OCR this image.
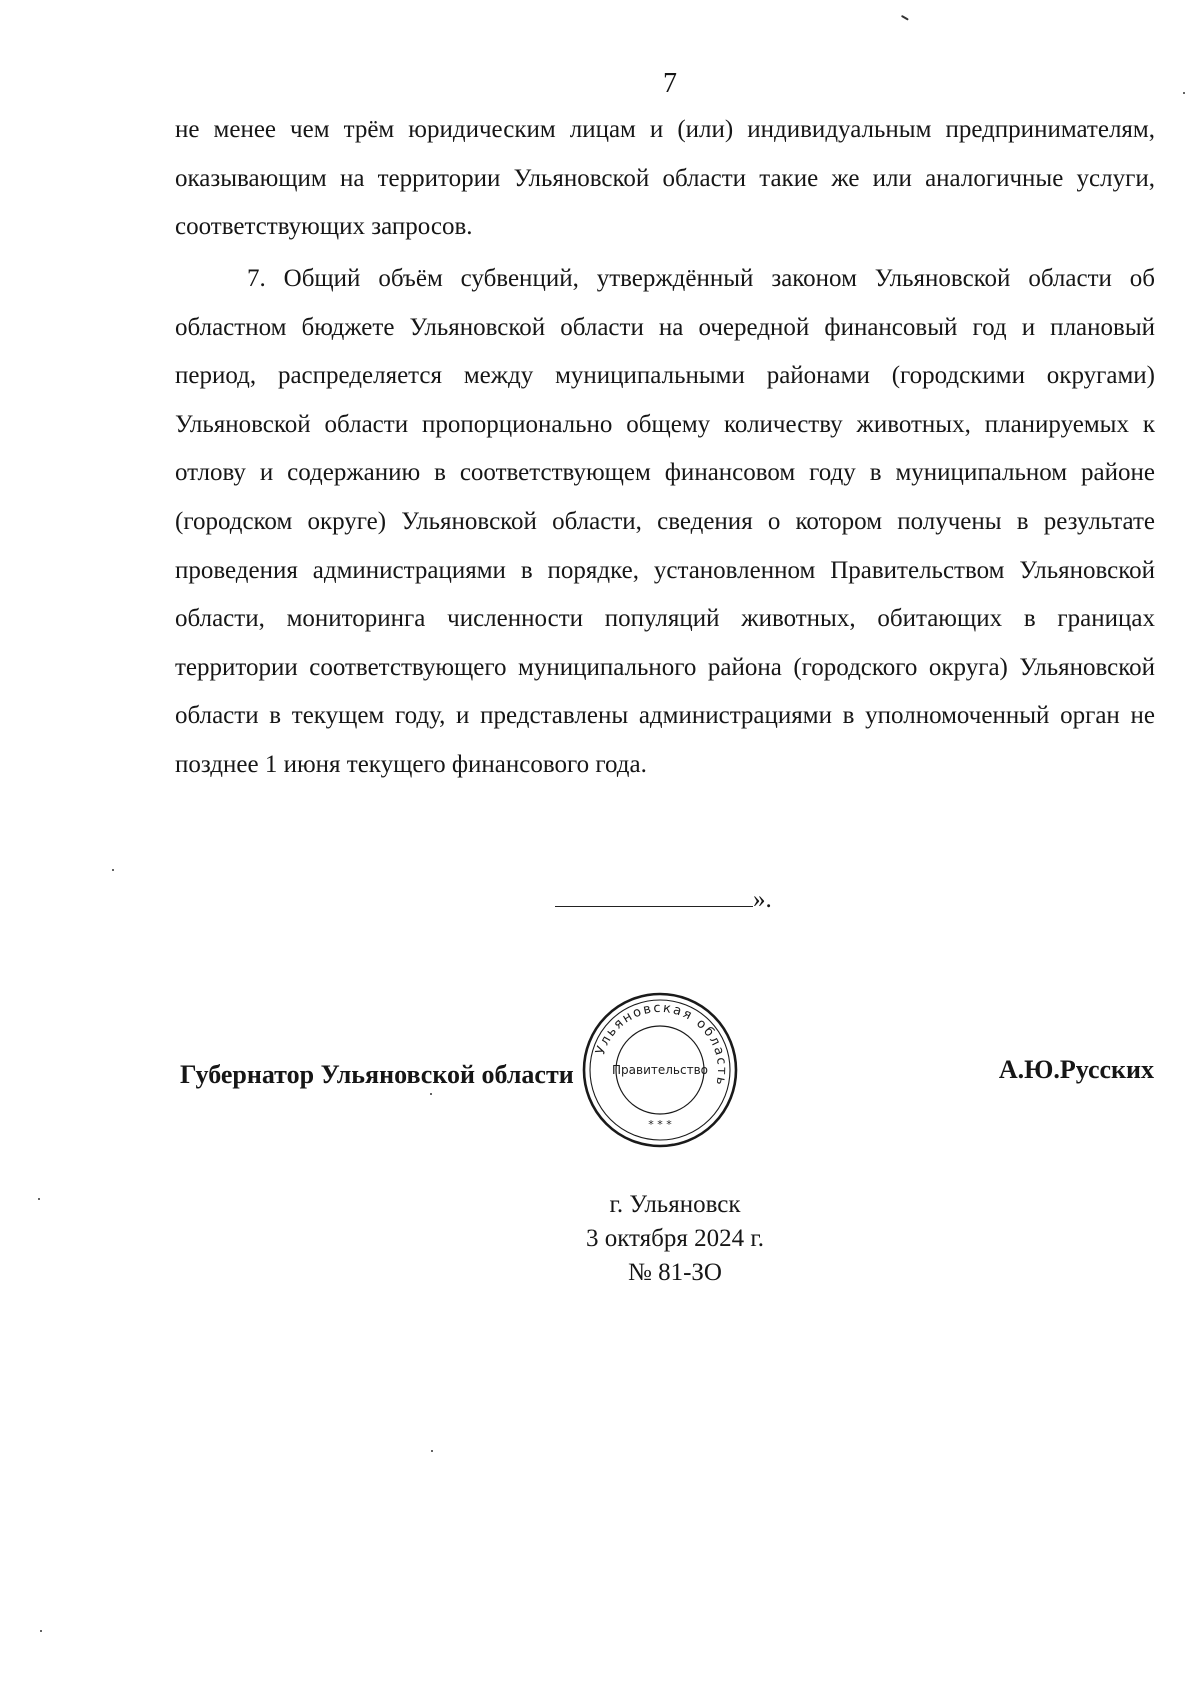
7

не менее чем трём юридическим лицам и (или) индивидуальным предпринимателям, оказывающим на территории Ульяновской области такие же или аналогичные услуги, соответствующих запросов.

7. Общий объём субвенций, утверждённый законом Ульяновской области об областном бюджете Ульяновской области на очередной финансовый год и плановый период, распределяется между муниципальными районами (городскими округами) Ульяновской области пропорционально общему количеству животных, планируемых к отлову и содержанию в соответствующем финансовом году в муниципальном районе (городском округе) Ульяновской области, сведения о котором получены в результате проведения администрациями в порядке, установленном Правительством Ульяновской области, мониторинга численности популяций животных, обитающих в границах территории соответствующего муниципального района (городского округа) Ульяновской области в текущем году, и представлены администрациями в уполномоченный орган не позднее 1 июня текущего финансового года.

».
Губернатор Ульяновской области
Ульяновская область
Правительство
* * *
А.Ю.Русских
г. Ульяновск
3 октября 2024 г.
№ 81-ЗО
